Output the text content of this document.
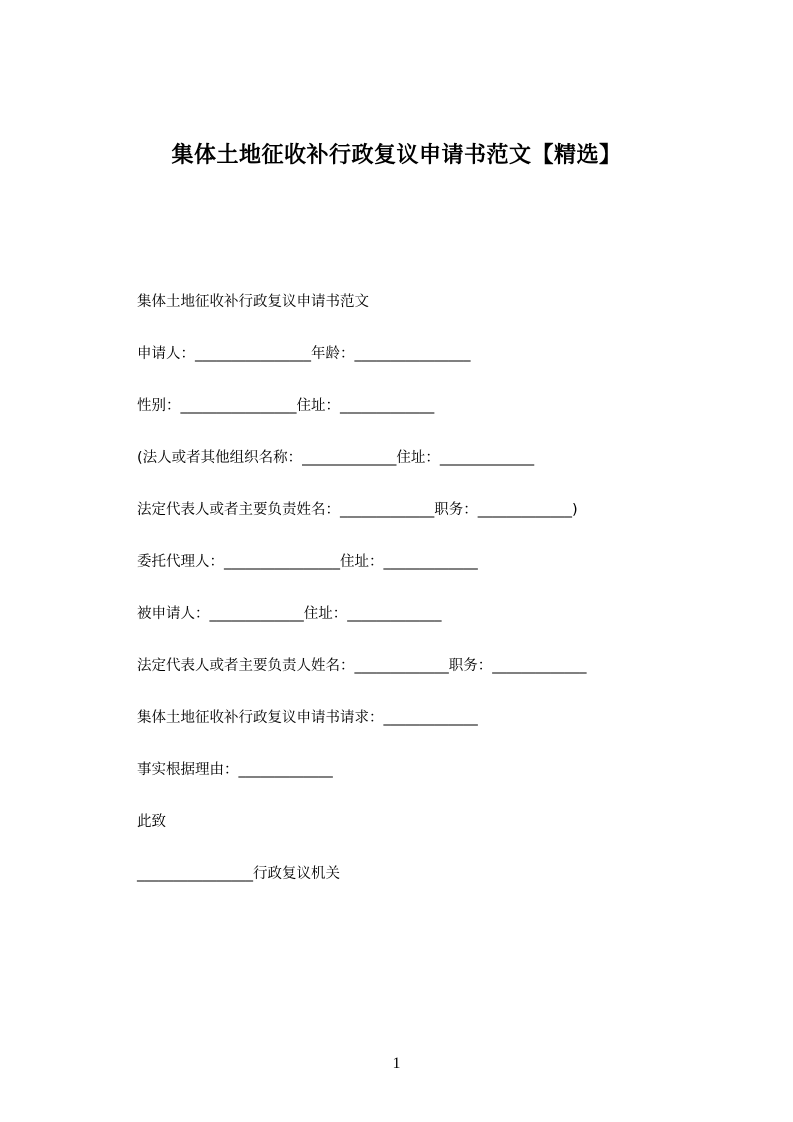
集体土地征收补行政复议申请书范文【精选】
集体土地征收补行政复议申请书范文
申请人：________________年龄：________________
性别：________________住址：_____________
(法人或者其他组织名称：_____________住址：_____________
法定代表人或者主要负责姓名：_____________职务：_____________)
委托代理人：________________住址：_____________
被申请人：_____________住址：_____________
法定代表人或者主要负责人姓名：_____________职务：_____________
集体土地征收补行政复议申请书请求：_____________
事实根据理由：_____________
此致
________________行政复议机关
1
